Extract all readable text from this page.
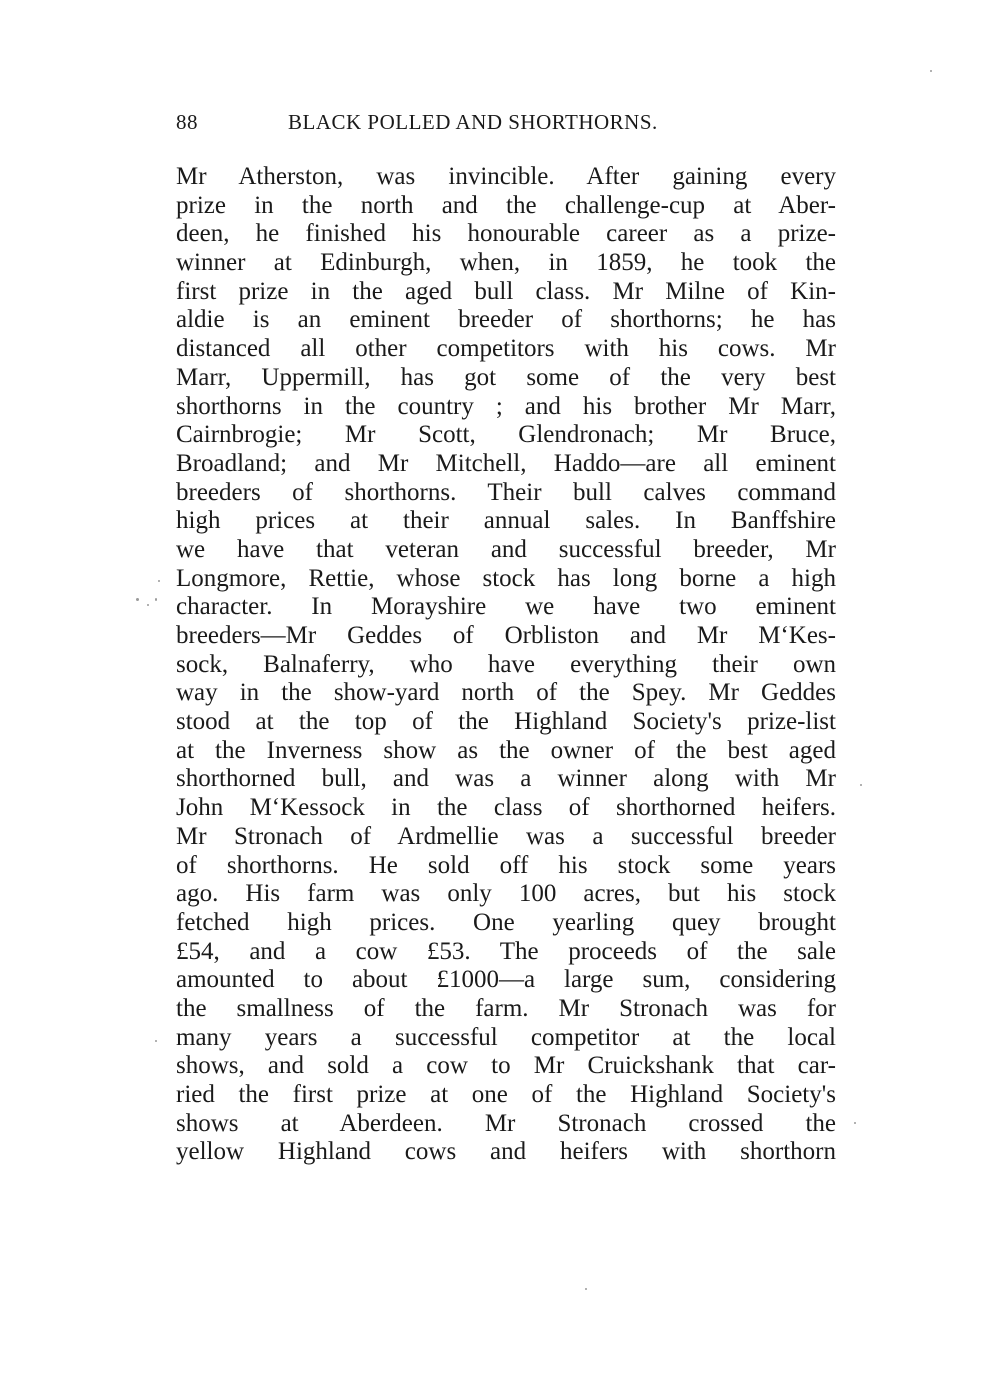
88	BLACK POLLED AND SHORTHORNS.
Mr Atherston, was invincible. After gaining every
prize in the north and the challenge-cup at Aber-
deen, he finished his honourable career as a prize-
winner at Edinburgh, when, in 1859, he took the
first prize in the aged bull class. Mr Milne of Kin-
aldie is an eminent breeder of shorthorns; he has
distanced all other competitors with his cows. Mr
Marr, Uppermill, has got some of the very best
shorthorns in the country ; and his brother Mr Marr,
Cairnbrogie; Mr Scott, Glendronach; Mr Bruce,
Broadland; and Mr Mitchell, Haddo—are all eminent
breeders of shorthorns. Their bull calves command
high prices at their annual sales. In Banffshire
we have that veteran and successful breeder, Mr
Longmore, Rettie, whose stock has long borne a high
character. In Morayshire we have two eminent
breeders—Mr Geddes of Orbliston and Mr M‘Kes-
sock, Balnaferry, who have everything their own
way in the show-yard north of the Spey. Mr Geddes
stood at the top of the Highland Society's prize-list
at the Inverness show as the owner of the best aged
shorthorned bull, and was a winner along with Mr
John M‘Kessock in the class of shorthorned heifers.
Mr Stronach of Ardmellie was a successful breeder
of shorthorns. He sold off his stock some years
ago. His farm was only 100 acres, but his stock
fetched high prices. One yearling quey brought
£54, and a cow £53. The proceeds of the sale
amounted to about £1000—a large sum, considering
the smallness of the farm. Mr Stronach was for
many years a successful competitor at the local
shows, and sold a cow to Mr Cruickshank that car-
ried the first prize at one of the Highland Society's
shows at Aberdeen. Mr Stronach crossed the
yellow Highland cows and heifers with shorthorn
